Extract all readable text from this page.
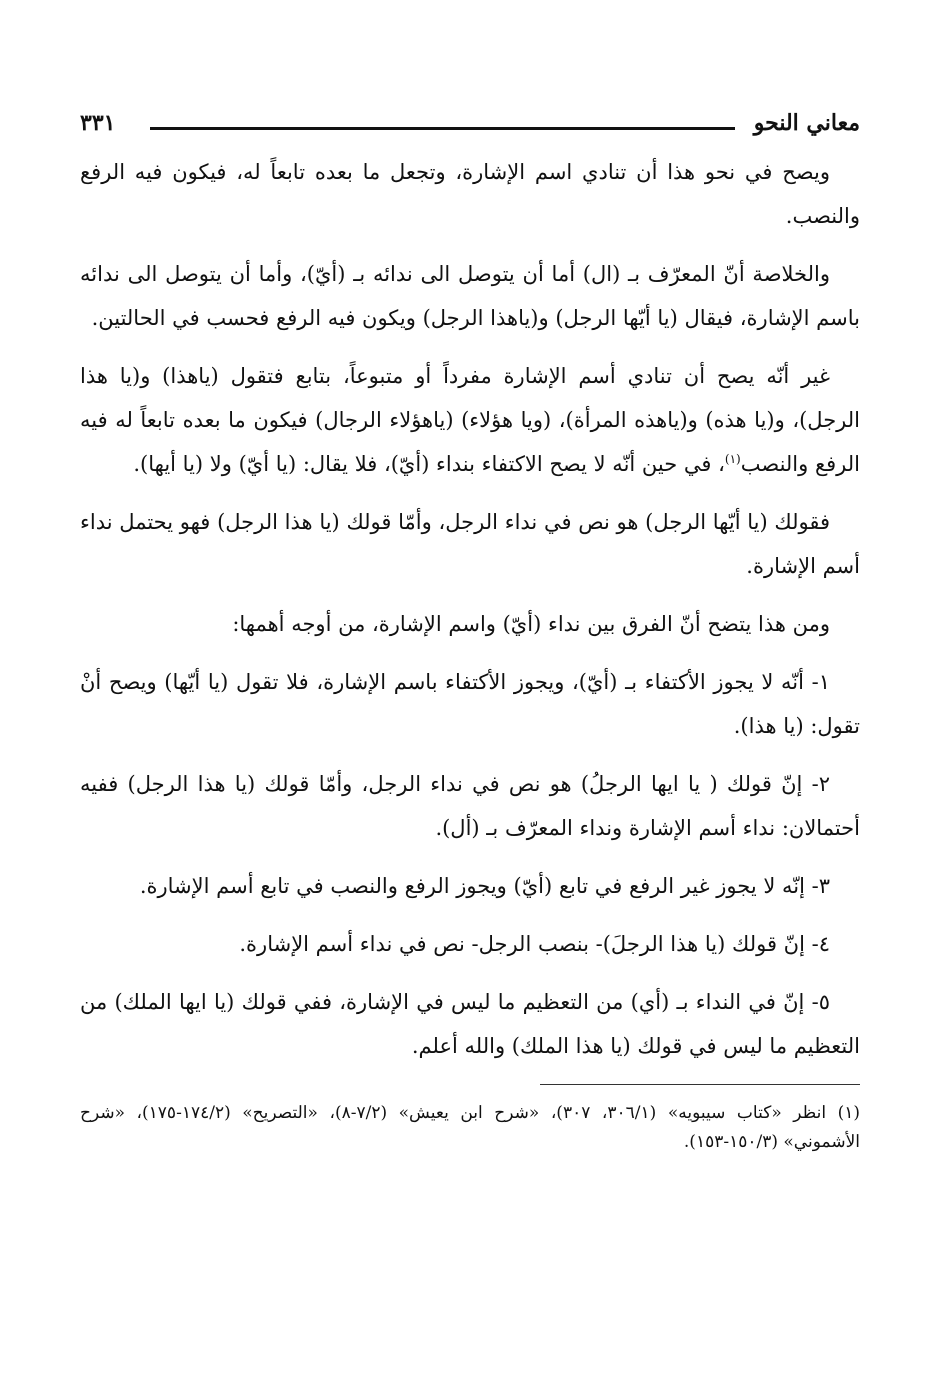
معاني النحو
٣٣١

ويصح في نحو هذا أن تنادي اسم الإشارة، وتجعل ما بعده تابعاً له، فيكون فيه الرفع والنصب.

والخلاصة أنّ المعرّف بـ (ال) أما أن يتوصل الى ندائه بـ (أيّ)، وأما أن يتوصل الى ندائه باسم الإشارة، فيقال (يا أيّها الرجل) و(ياهذا الرجل) ويكون فيه الرفع فحسب في الحالتين.

غير أنّه يصح أن تنادي أسم الإشارة مفرداً أو متبوعاً، بتابع فتقول (ياهذا) و(يا هذا الرجل)، و(يا هذه) و(ياهذه المرأة)، (ويا هؤلاء) (ياهؤلاء الرجال) فيكون ما بعده تابعاً له فيه الرفع والنصب$^{(١)}$، في حين أنّه لا يصح الاكتفاء بنداء (أيّ)، فلا يقال: (يا أيّ) ولا (يا أيها).

فقولك (يا أيّها الرجل) هو نص في نداء الرجل، وأمّا قولك (يا هذا الرجل) فهو يحتمل نداء أسم الإشارة.

ومن هذا يتضح أنّ الفرق بين نداء (أيّ) واسم الإشارة، من أوجه أهمها:

١- أنّه لا يجوز الأكتفاء بـ (أيّ)، ويجوز الأكتفاء باسم الإشارة، فلا تقول (يا أيّها) ويصح أنْ تقول: (يا هذا).

٢- إنّ قولك ( يا ايها الرجلُ) هو نص في نداء الرجل، وأمّا قولك (يا هذا الرجل) ففيه أحتمالان: نداء أسم الإشارة ونداء المعرّف بـ (أل).

٣- إنّه لا يجوز غير الرفع في تابع (أيّ) ويجوز الرفع والنصب في تابع أسم الإشارة.

٤- إنّ قولك (يا هذا الرجلَ)- بنصب الرجل- نص في نداء أسم الإشارة.

٥- إنّ في النداء بـ (أي) من التعظيم ما ليس في الإشارة، ففي قولك (يا ايها الملك) من التعظيم ما ليس في قولك (يا هذا الملك) والله أعلم.

(١) انظر «كتاب سيبويه» (٣٠٦/١، ٣٠٧)، «شرح ابن يعيش» (٧/٢-٨)، «التصريح» (١٧٤/٢-١٧٥)، «شرح الأشموني» (١٥٠/٣-١٥٣).
